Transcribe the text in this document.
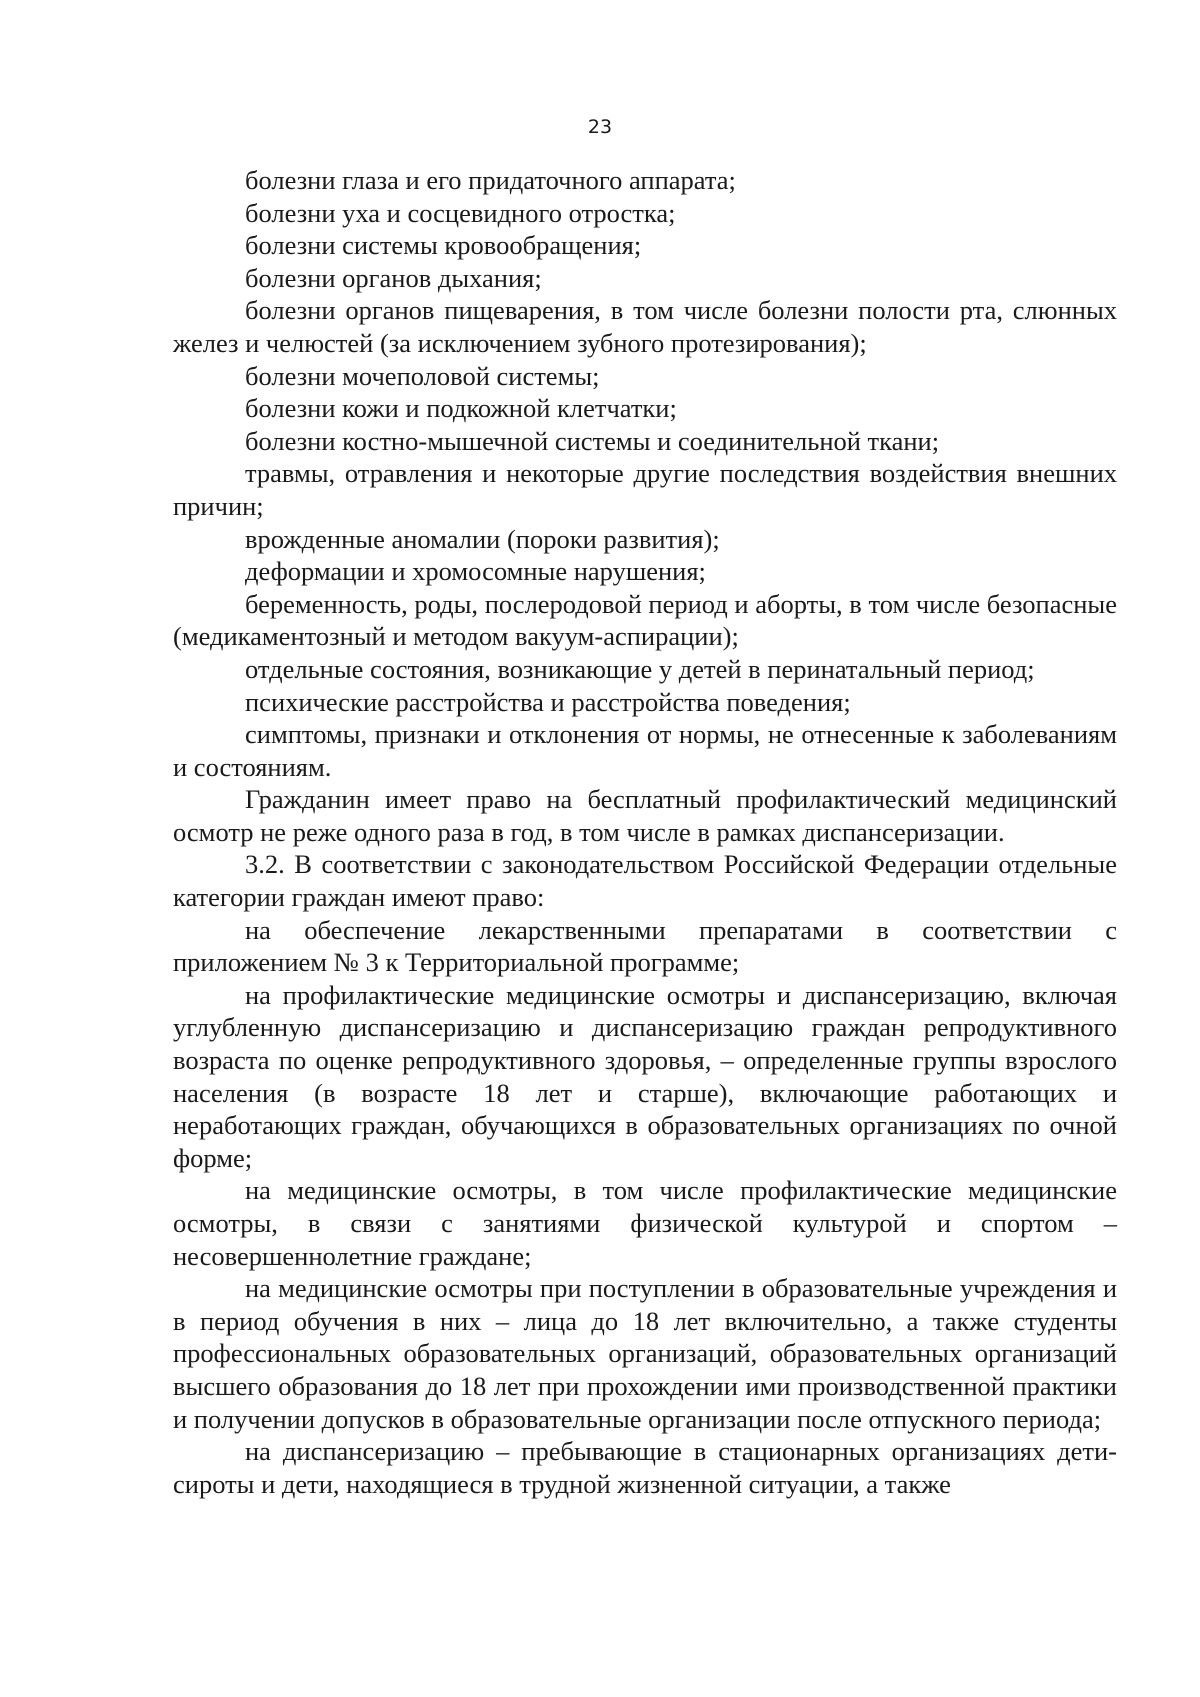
23

болезни глаза и его придаточного аппарата;

болезни уха и сосцевидного отростка;

болезни системы кровообращения;

болезни органов дыхания;

болезни органов пищеварения, в том числе болезни полости рта, слюнных желез и челюстей (за исключением зубного протезирования);

болезни мочеполовой системы;

болезни кожи и подкожной клетчатки;

болезни костно-мышечной системы и соединительной ткани;

травмы, отравления и некоторые другие последствия воздействия внешних причин;

врожденные аномалии (пороки развития);

деформации и хромосомные нарушения;

беременность, роды, послеродовой период и аборты, в том числе безопасные (медикаментозный и методом вакуум-аспирации);

отдельные состояния, возникающие у детей в перинатальный период;

психические расстройства и расстройства поведения;

симптомы, признаки и отклонения от нормы, не отнесенные к заболеваниям и состояниям.

Гражданин имеет право на бесплатный профилактический медицинский осмотр не реже одного раза в год, в том числе в рамках диспансеризации.

3.2. В соответствии с законодательством Российской Федерации отдельные категории граждан имеют право:

на обеспечение лекарственными препаратами в соответствии с приложением № 3 к Территориальной программе;

на профилактические медицинские осмотры и диспансеризацию, включая углубленную диспансеризацию и диспансеризацию граждан репродуктивного возраста по оценке репродуктивного здоровья, – определенные группы взрослого населения (в возрасте 18 лет и старше), включающие работающих и неработающих граждан, обучающихся в образовательных организациях по очной форме;

на медицинские осмотры, в том числе профилактические медицинские осмотры, в связи с занятиями физической культурой и спортом – несовершеннолетние граждане;

на медицинские осмотры при поступлении в образовательные учреждения и в период обучения в них – лица до 18 лет включительно, а также студенты профессиональных образовательных организаций, образовательных организаций высшего образования до 18 лет при прохождении ими производственной практики и получении допусков в образовательные организации после отпускного периода;

на диспансеризацию – пребывающие в стационарных организациях дети-сироты и дети, находящиеся в трудной жизненной ситуации, а также
